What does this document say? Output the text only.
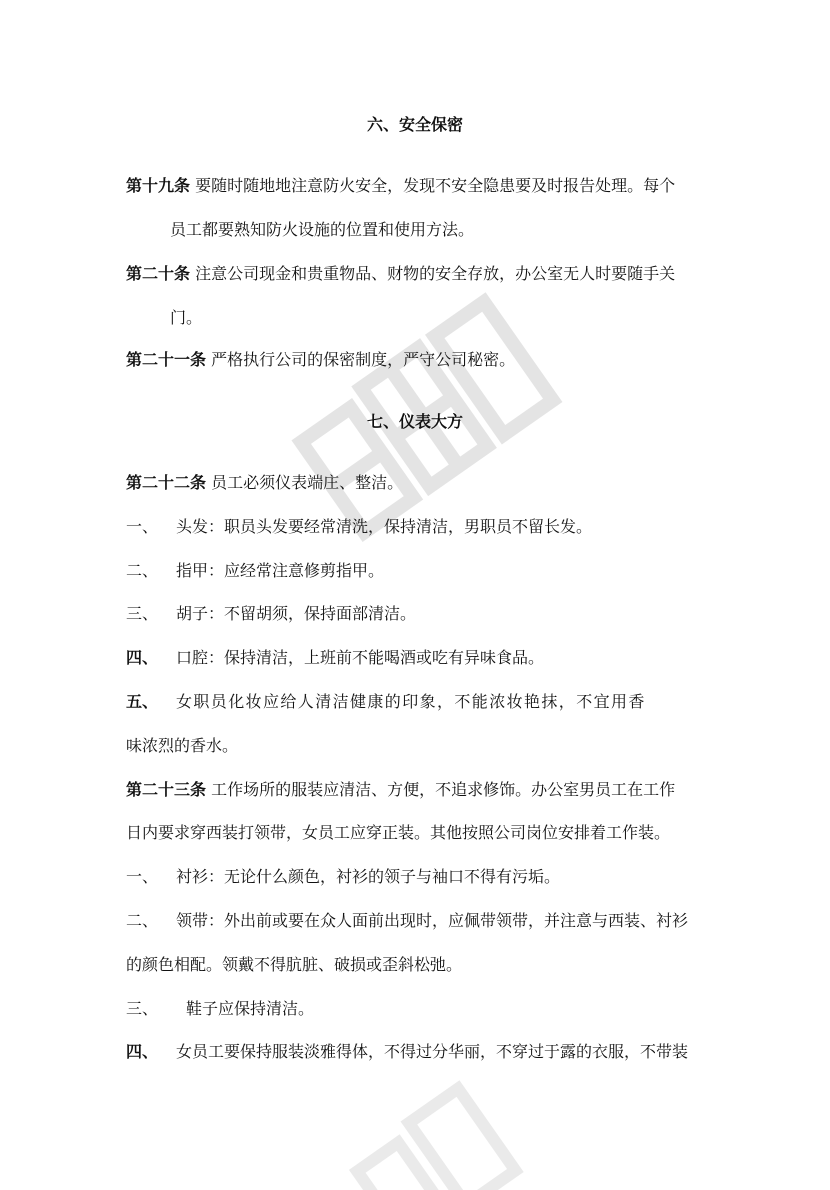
六、安全保密
第十九条 要随时随地地注意防火安全，发现不安全隐患要及时报告处理。每个
员工都要熟知防火设施的位置和使用方法。
第二十条 注意公司现金和贵重物品、财物的安全存放，办公室无人时要随手关
门。
第二十一条 严格执行公司的保密制度，严守公司秘密。
七、仪表大方
第二十二条 员工必须仪表端庄、整洁。
一、 头发：职员头发要经常清洗，保持清洁，男职员不留长发。
二、 指甲：应经常注意修剪指甲。
三、 胡子：不留胡须，保持面部清洁。
四、 口腔：保持清洁，上班前不能喝酒或吃有异味食品。
五、 女职员化妆应给人清洁健康的印象，不能浓妆艳抹，不宜用香
味浓烈的香水。
第二十三条 工作场所的服装应清洁、方便，不追求修饰。办公室男员工在工作
日内要求穿西装打领带，女员工应穿正装。其他按照公司岗位安排着工作装。
一、 衬衫：无论什么颜色，衬衫的领子与袖口不得有污垢。
二、 领带：外出前或要在众人面前出现时，应佩带领带，并注意与西装、衬衫
的颜色相配。领戴不得肮脏、破损或歪斜松弛。
三、 鞋子应保持清洁。
四、 女员工要保持服装淡雅得体，不得过分华丽，不穿过于露的衣服，不带装
